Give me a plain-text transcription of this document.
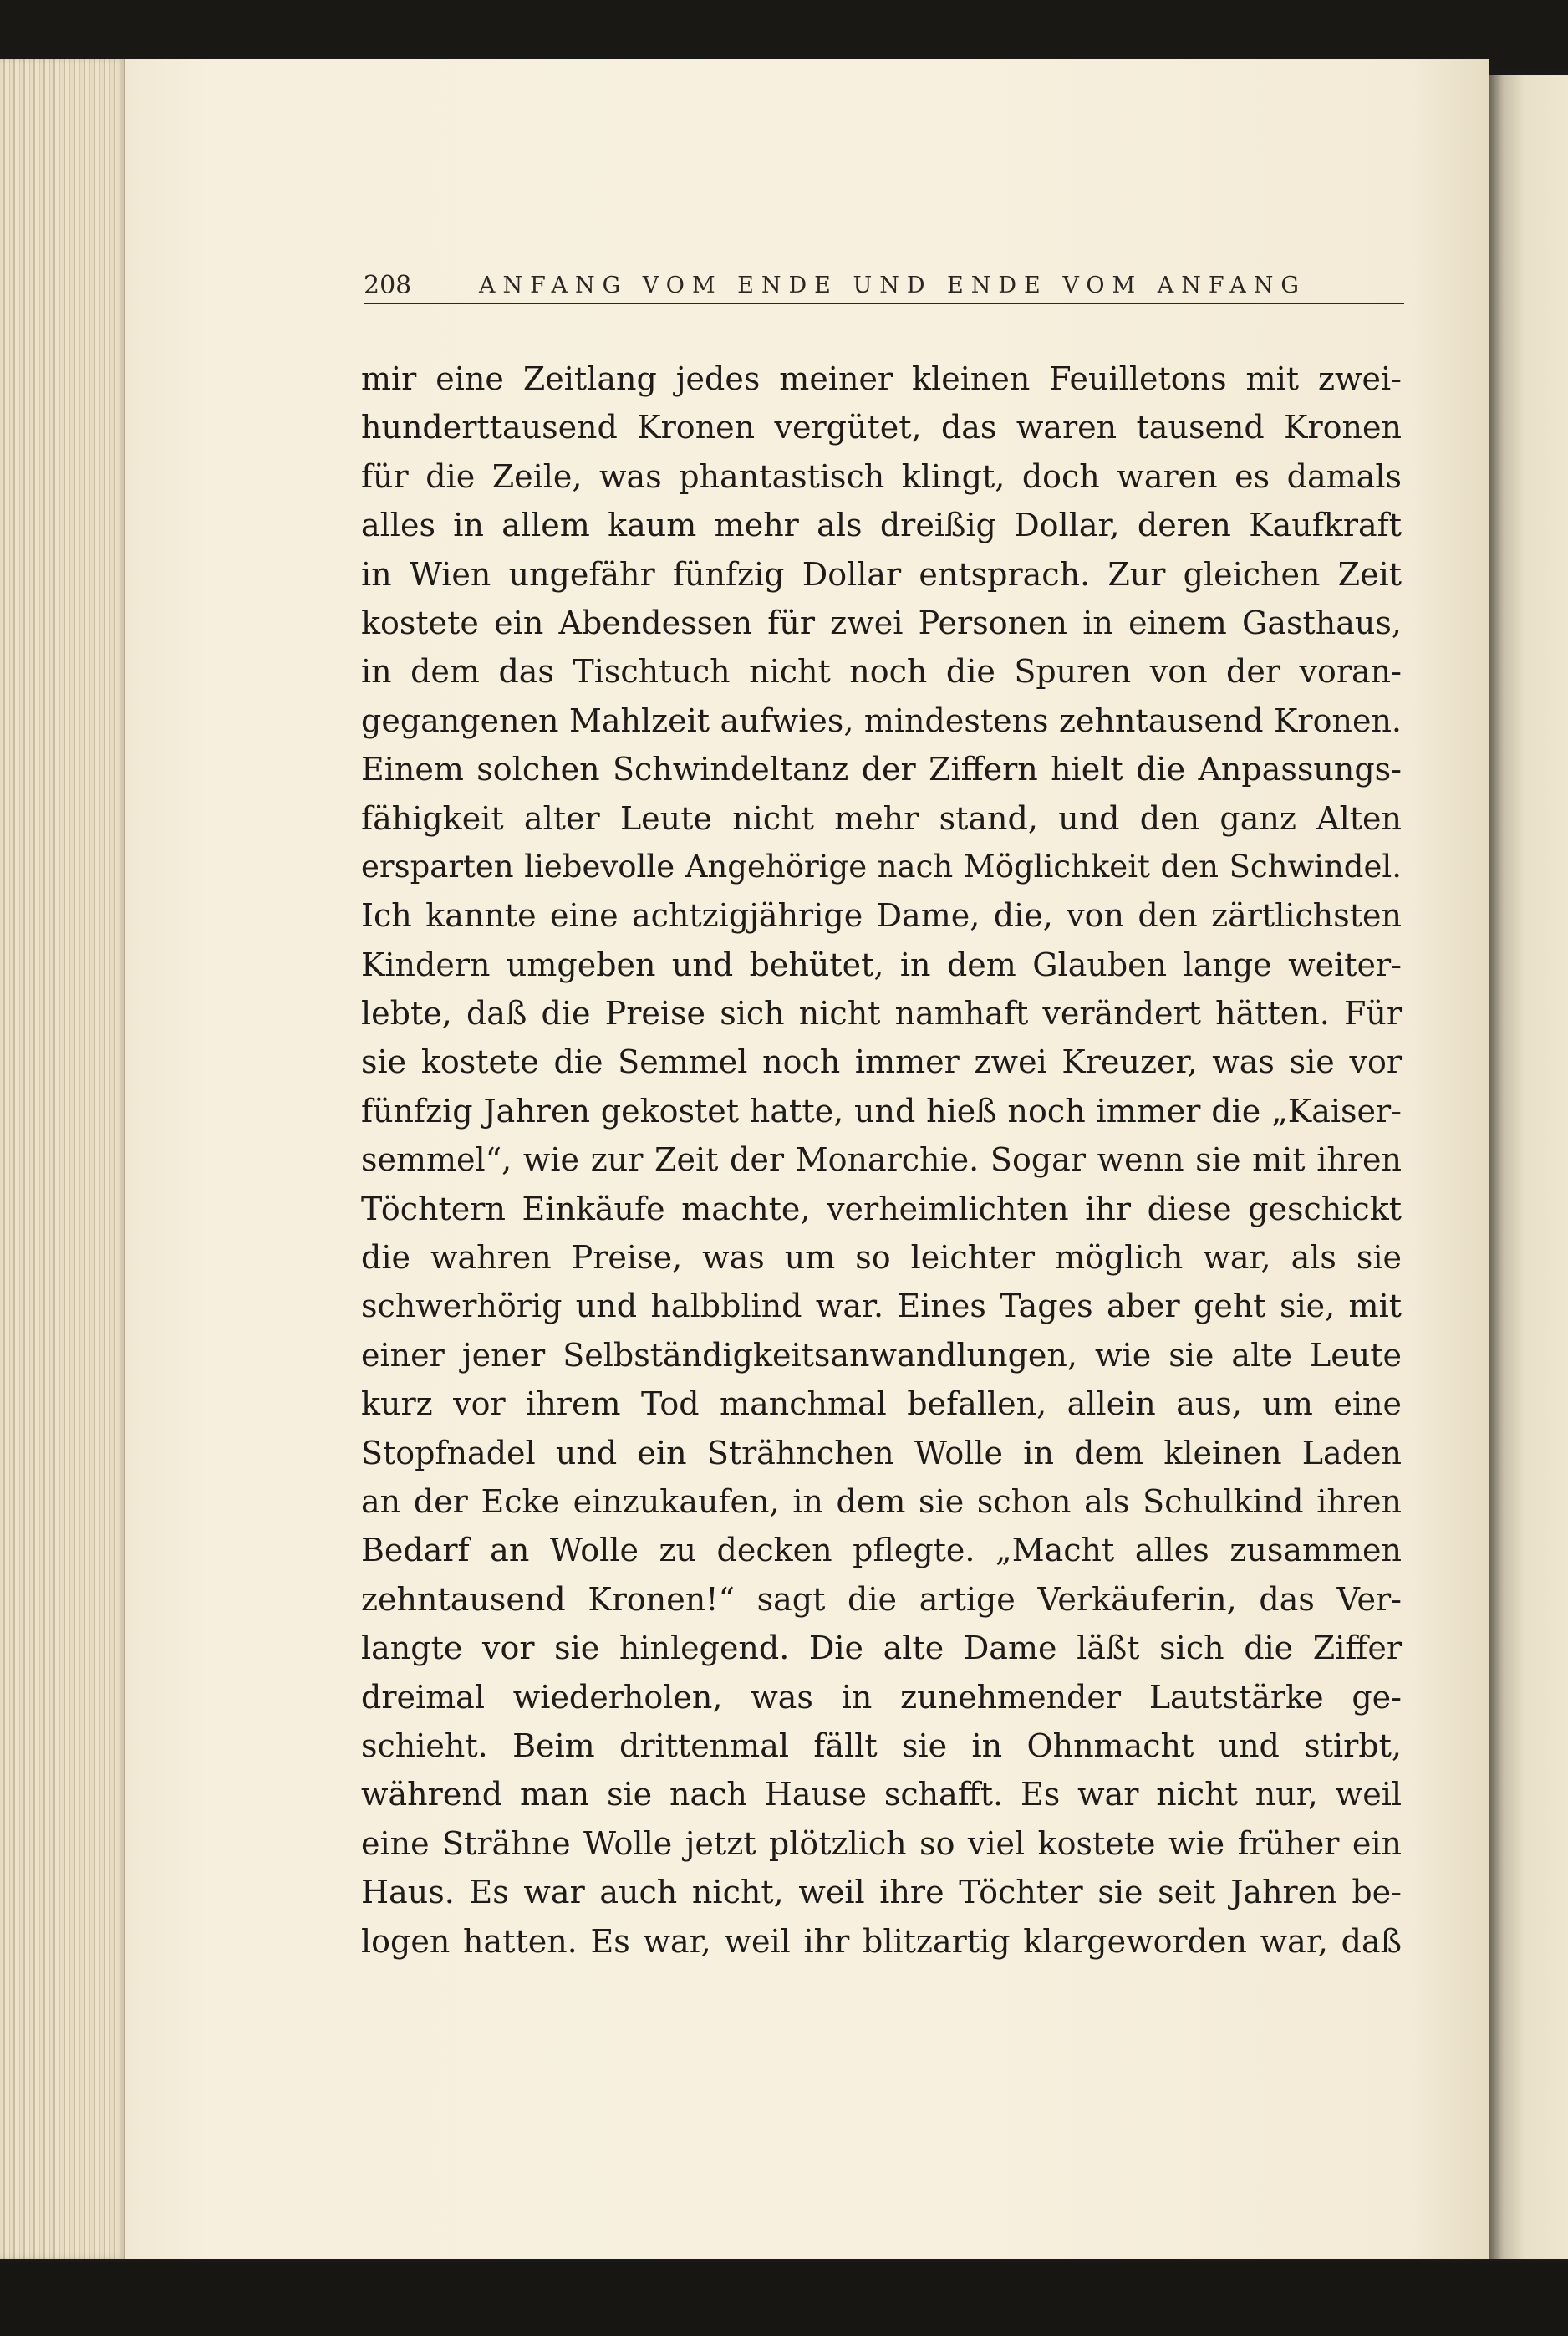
208	ANFANG VOM ENDE UND ENDE VOM ANFANG
mir eine Zeitlang jedes meiner kleinen Feuilletons mit zwei-
hunderttausend Kronen vergütet, das waren tausend Kronen
für die Zeile, was phantastisch klingt, doch waren es damals
alles in allem kaum mehr als dreißig Dollar, deren Kaufkraft
in Wien ungefähr fünfzig Dollar entsprach. Zur gleichen Zeit
kostete ein Abendessen für zwei Personen in einem Gasthaus,
in dem das Tischtuch nicht noch die Spuren von der voran-
gegangenen Mahlzeit aufwies, mindestens zehntausend Kronen.
Einem solchen Schwindeltanz der Ziffern hielt die Anpassungs-
fähigkeit alter Leute nicht mehr stand, und den ganz Alten
ersparten liebevolle Angehörige nach Möglichkeit den Schwindel.
Ich kannte eine achtzigjährige Dame, die, von den zärtlichsten
Kindern umgeben und behütet, in dem Glauben lange weiter-
lebte, daß die Preise sich nicht namhaft verändert hätten. Für
sie kostete die Semmel noch immer zwei Kreuzer, was sie vor
fünfzig Jahren gekostet hatte, und hieß noch immer die „Kaiser-
semmel“, wie zur Zeit der Monarchie. Sogar wenn sie mit ihren
Töchtern Einkäufe machte, verheimlichten ihr diese geschickt
die wahren Preise, was um so leichter möglich war, als sie
schwerhörig und halbblind war. Eines Tages aber geht sie, mit
einer jener Selbständigkeitsanwandlungen, wie sie alte Leute
kurz vor ihrem Tod manchmal befallen, allein aus, um eine
Stopfnadel und ein Strähnchen Wolle in dem kleinen Laden
an der Ecke einzukaufen, in dem sie schon als Schulkind ihren
Bedarf an Wolle zu decken pflegte. „Macht alles zusammen
zehntausend Kronen!“ sagt die artige Verkäuferin, das Ver-
langte vor sie hinlegend. Die alte Dame läßt sich die Ziffer
dreimal wiederholen, was in zunehmender Lautstärke ge-
schieht. Beim drittenmal fällt sie in Ohnmacht und stirbt,
während man sie nach Hause schafft. Es war nicht nur, weil
eine Strähne Wolle jetzt plötzlich so viel kostete wie früher ein
Haus. Es war auch nicht, weil ihre Töchter sie seit Jahren be-
logen hatten. Es war, weil ihr blitzartig klargeworden war, daß
